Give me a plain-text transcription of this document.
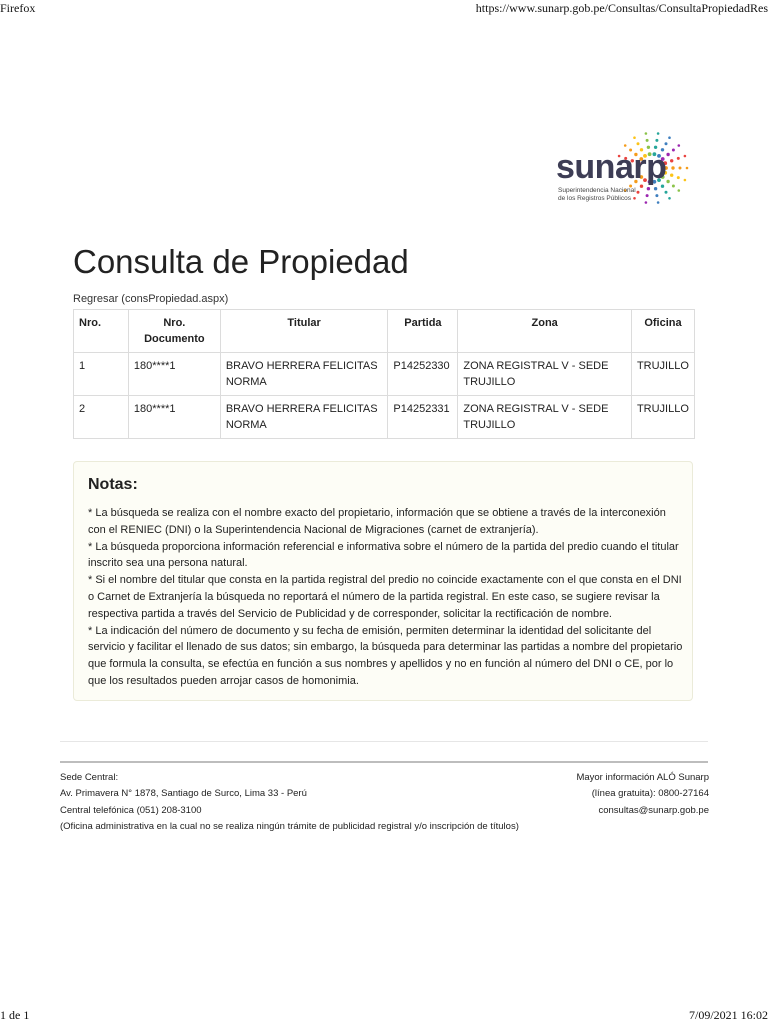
Firefox	https://www.sunarp.gob.pe/Consultas/ConsultaPropiedadRes
sunarp
Superintendencia Nacional
de los Registros Públicos
Consulta de Propiedad
Regresar (consPropiedad.aspx)
Nro.	Nro. Documento	Titular	Partida	Zona	Oficina
1	180****1	BRAVO HERRERA FELICITAS NORMA	P14252330	ZONA REGISTRAL V - SEDE TRUJILLO	TRUJILLO
2	180****1	BRAVO HERRERA FELICITAS NORMA	P14252331	ZONA REGISTRAL V - SEDE TRUJILLO	TRUJILLO
Notas:

* La búsqueda se realiza con el nombre exacto del propietario, información que se obtiene a través de la interconexión con el RENIEC (DNI) o la Superintendencia Nacional de Migraciones (carnet de extranjería).

* La búsqueda proporciona información referencial e informativa sobre el número de la partida del predio cuando el titular inscrito sea una persona natural.

* Si el nombre del titular que consta en la partida registral del predio no coincide exactamente con el que consta en el DNI o Carnet de Extranjería la búsqueda no reportará el número de la partida registral. En este caso, se sugiere revisar la respectiva partida a través del Servicio de Publicidad y de corresponder, solicitar la rectificación de nombre.

* La indicación del número de documento y su fecha de emisión, permiten determinar la identidad del solicitante del servicio y facilitar el llenado de sus datos; sin embargo, la búsqueda para determinar las partidas a nombre del propietario que formula la consulta, se efectúa en función a sus nombres y apellidos y no en función al número del DNI o CE, por lo que los resultados pueden arrojar casos de homonimia.

Sede Central:
Av. Primavera N° 1878, Santiago de Surco, Lima 33 - Perú
Central telefónica (051) 208-3100
(Oficina administrativa en la cual no se realiza ningún trámite de publicidad registral y/o inscripción de títulos)
Mayor información ALÓ Sunarp
(línea gratuita): 0800-27164
consultas@sunarp.gob.pe
1 de 1	7/09/2021 16:02
